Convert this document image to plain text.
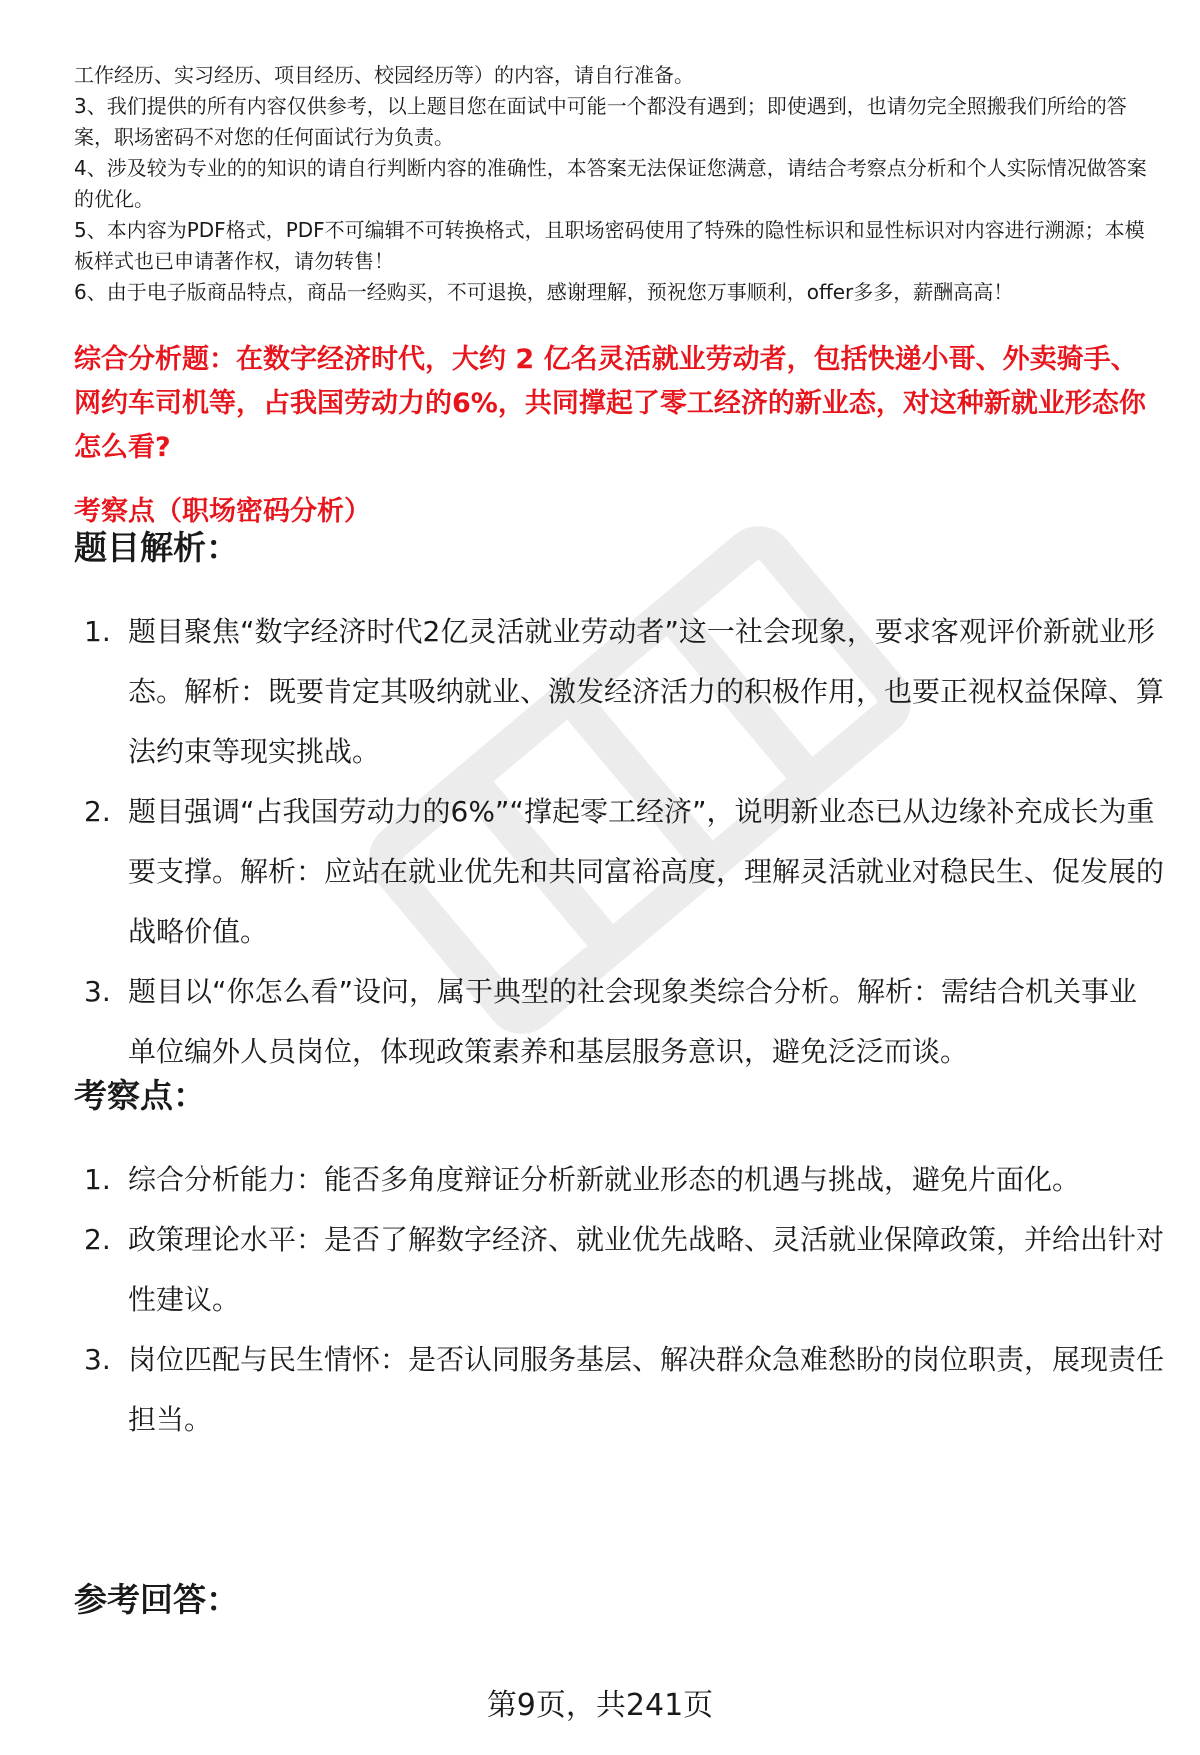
工作经历、实习经历、项目经历、校园经历等）的内容，请自行准备。

3、我们提供的所有内容仅供参考，以上题目您在面试中可能一个都没有遇到；即使遇到，也请勿完全照搬我们所给的答案，职场密码不对您的任何面试行为负责。

4、涉及较为专业的的知识的请自行判断内容的准确性，本答案无法保证您满意，请结合考察点分析和个人实际情况做答案的优化。

5、本内容为PDF格式，PDF不可编辑不可转换格式，且职场密码使用了特殊的隐性标识和显性标识对内容进行溯源；本模板样式也已申请著作权，请勿转售！

6、由于电子版商品特点，商品一经购买，不可退换，感谢理解，预祝您万事顺利，offer多多，薪酬高高！

综合分析题：在数字经济时代，大约 2 亿名灵活就业劳动者，包括快递小哥、外卖骑手、网约车司机等，占我国劳动力的6%，共同撑起了零工经济的新业态，对这种新就业形态你怎么看?

考察点（职场密码分析）

题目解析：
1. 题目聚焦“数字经济时代2亿灵活就业劳动者”这一社会现象，要求客观评价新就业形态。解析：既要肯定其吸纳就业、激发经济活力的积极作用，也要正视权益保障、算法约束等现实挑战。
2. 题目强调“占我国劳动力的6%”“撑起零工经济”，说明新业态已从边缘补充成长为重要支撑。解析：应站在就业优先和共同富裕高度，理解灵活就业对稳民生、促发展的战略价值。
3. 题目以“你怎么看”设问，属于典型的社会现象类综合分析。解析：需结合机关事业单位编外人员岗位，体现政策素养和基层服务意识，避免泛泛而谈。
考察点：
1. 综合分析能力：能否多角度辩证分析新就业形态的机遇与挑战，避免片面化。
2. 政策理论水平：是否了解数字经济、就业优先战略、灵活就业保障政策，并给出针对性建议。
3. 岗位匹配与民生情怀：是否认同服务基层、解决群众急难愁盼的岗位职责，展现责任担当。
参考回答：
第9页，共241页
